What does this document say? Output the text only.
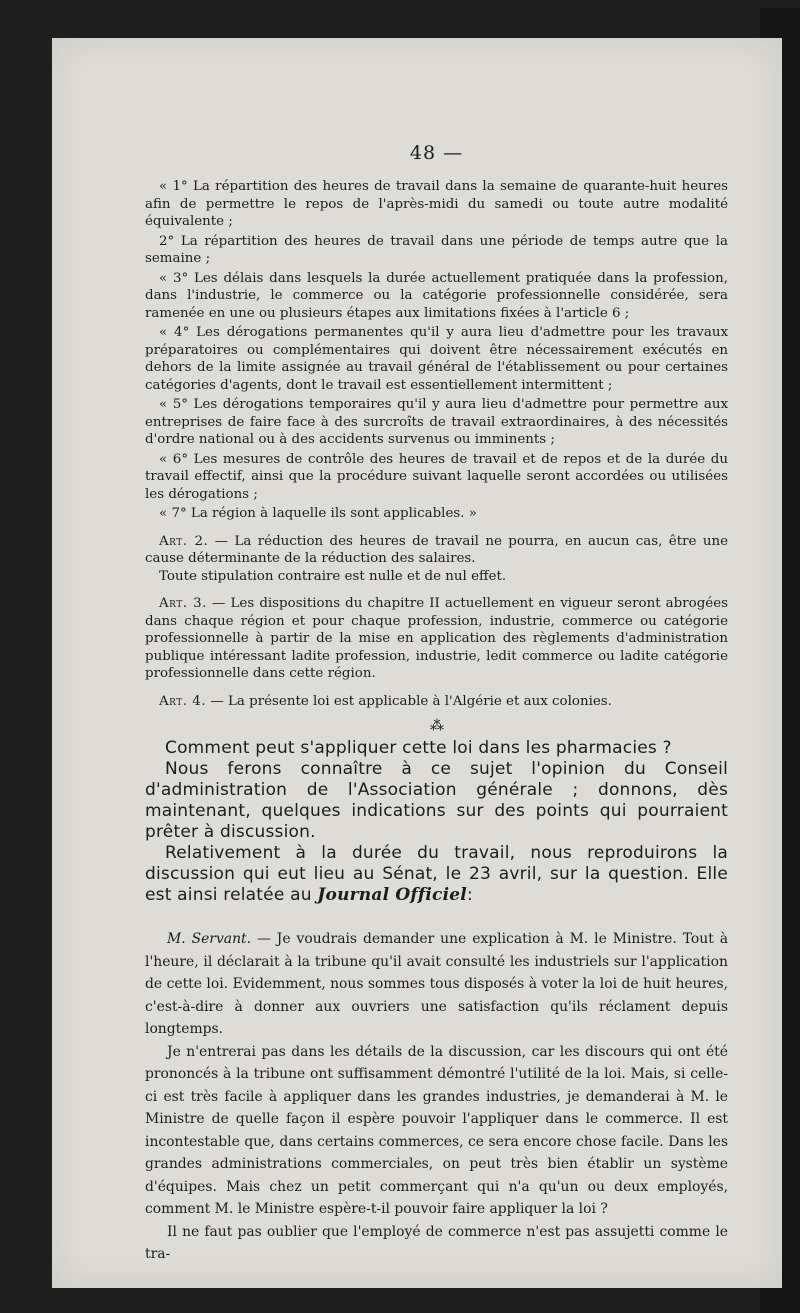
48 —

« 1° La répartition des heures de travail dans la semaine de quarante-huit heures afin de permettre le repos de l'après-midi du samedi ou toute autre modalité équivalente ;

2° La répartition des heures de travail dans une période de temps autre que la semaine ;

« 3° Les délais dans lesquels la durée actuellement pratiquée dans la profession, dans l'industrie, le commerce ou la catégorie professionnelle considérée, sera ramenée en une ou plusieurs étapes aux limitations fixées à l'article 6 ;

« 4° Les dérogations permanentes qu'il y aura lieu d'admettre pour les travaux préparatoires ou complémentaires qui doivent être nécessairement exécutés en dehors de la limite assignée au travail général de l'établissement ou pour certaines catégories d'agents, dont le travail est essentiellement intermittent ;

« 5° Les dérogations temporaires qu'il y aura lieu d'admettre pour permettre aux entreprises de faire face à des surcroîts de travail extraordinaires, à des nécessités d'ordre national ou à des accidents survenus ou imminents ;

« 6° Les mesures de contrôle des heures de travail et de repos et de la durée du travail effectif, ainsi que la procédure suivant laquelle seront accordées ou utilisées les dérogations ;

« 7° La région à laquelle ils sont applicables. »

Art. 2. — La réduction des heures de travail ne pourra, en aucun cas, être une cause déterminante de la réduction des salaires.

Toute stipulation contraire est nulle et de nul effet.

Art. 3. — Les dispositions du chapitre II actuellement en vigueur seront abrogées dans chaque région et pour chaque profession, industrie, commerce ou catégorie professionnelle à partir de la mise en application des règlements d'administration publique intéressant ladite profession, industrie, ledit commerce ou ladite catégorie professionnelle dans cette région.

Art. 4. — La présente loi est applicable à l'Algérie et aux colonies.

⁂

Comment peut s'appliquer cette loi dans les pharmacies ?

Nous ferons connaître à ce sujet l'opinion du Conseil d'administration de l'Association générale ; donnons, dès maintenant, quelques indications sur des points qui pourraient prêter à discussion.

Relativement à la durée du travail, nous reproduirons la discussion qui eut lieu au Sénat, le 23 avril, sur la question. Elle est ainsi relatée au Journal Officiel:

M. Servant. — Je voudrais demander une explication à M. le Ministre. Tout à l'heure, il déclarait à la tribune qu'il avait consulté les industriels sur l'application de cette loi. Evidemment, nous sommes tous disposés à voter la loi de huit heures, c'est-à-dire à donner aux ouvriers une satisfaction qu'ils réclament depuis longtemps.

Je n'entrerai pas dans les détails de la discussion, car les discours qui ont été prononcés à la tribune ont suffisamment démontré l'utilité de la loi. Mais, si celle-ci est très facile à appliquer dans les grandes industries, je demanderai à M. le Ministre de quelle façon il espère pouvoir l'appliquer dans le commerce. Il est incontestable que, dans certains commerces, ce sera encore chose facile. Dans les grandes administrations commerciales, on peut très bien établir un système d'équipes. Mais chez un petit commerçant qui n'a qu'un ou deux employés, comment M. le Ministre espère-t-il pouvoir faire appliquer la loi ?

Il ne faut pas oublier que l'employé de commerce n'est pas assujetti comme le tra-
